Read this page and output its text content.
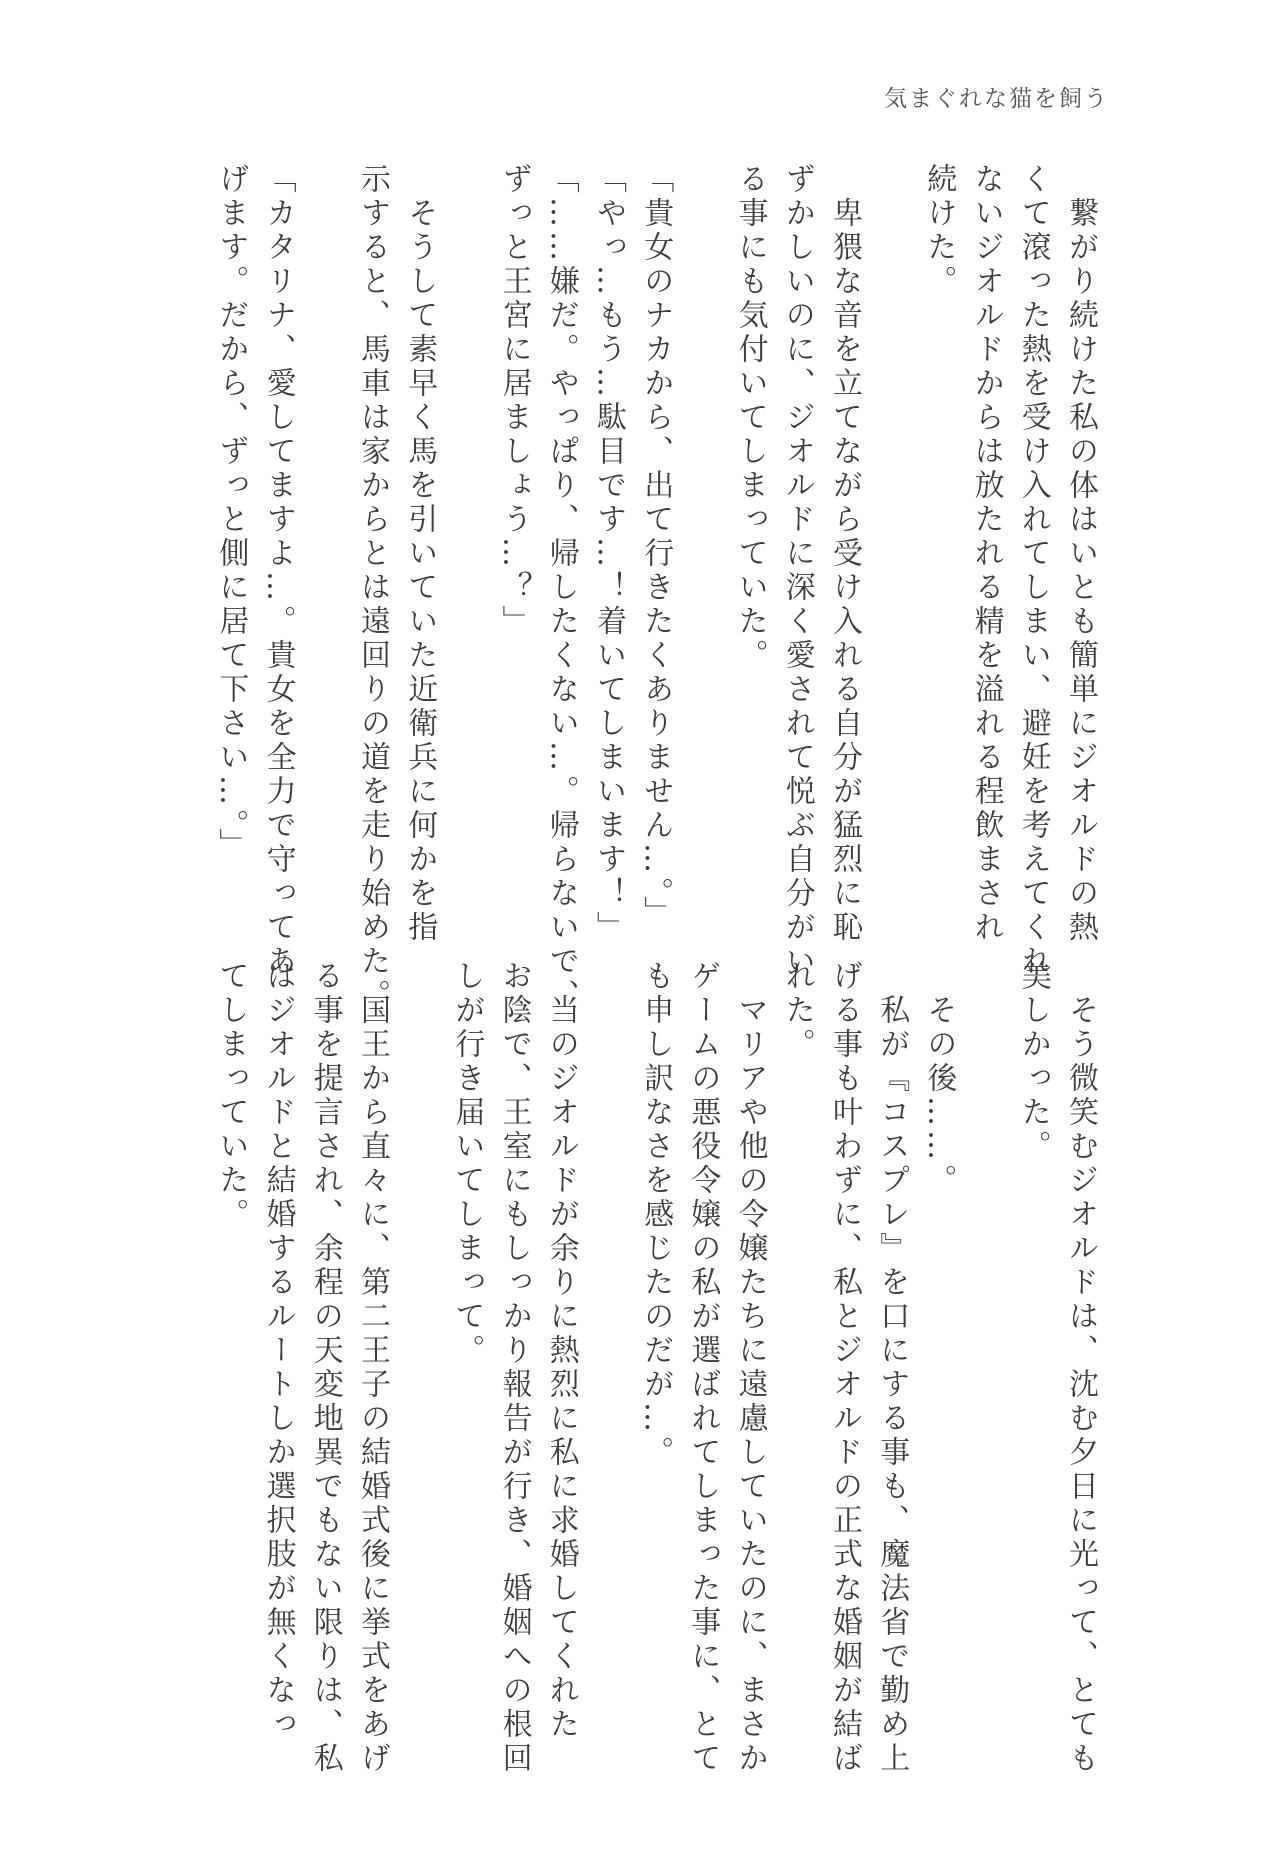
気まぐれな猫を飼う
　繋がり続けた私の体はいとも簡単にジオルドの熱
くて滾った熱を受け入れてしまい、避妊を考えてくれ
ないジオルドからは放たれる精を溢れる程飲まされ
続けた。
　卑猥な音を立てながら受け入れる自分が猛烈に恥
ずかしいのに、ジオルドに深く愛されて悦ぶ自分がい
る事にも気付いてしまっていた。
「貴女のナカから、出て行きたくありません…。」
「やっ…もう…駄目です…！着いてしまいます！」
「……嫌だ。やっぱり、帰したくない…。帰らないで、
ずっと王宮に居ましょう…？」
　そうして素早く馬を引いていた近衛兵に何かを指
示すると、馬車は家からとは遠回りの道を走り始めた。
「カタリナ、愛してますよ…。貴女を全力で守ってあ
げます。だから、ずっと側に居て下さい…。」
　そう微笑むジオルドは、沈む夕日に光って、とても
美しかった。
　その後……。
　私が『コスプレ』を口にする事も、魔法省で勤め上
げる事も叶わずに、私とジオルドの正式な婚姻が結ば
れた。
　マリアや他の令嬢たちに遠慮していたのに、まさか
ゲームの悪役令嬢の私が選ばれてしまった事に、とて
も申し訳なさを感じたのだが…。
　当のジオルドが余りに熱烈に私に求婚してくれた
お陰で、王室にもしっかり報告が行き、婚姻への根回
しが行き届いてしまって。
　国王から直々に、第二王子の結婚式後に挙式をあげ
る事を提言され、余程の天変地異でもない限りは、私
はジオルドと結婚するルートしか選択肢が無くなっ
てしまっていた。
